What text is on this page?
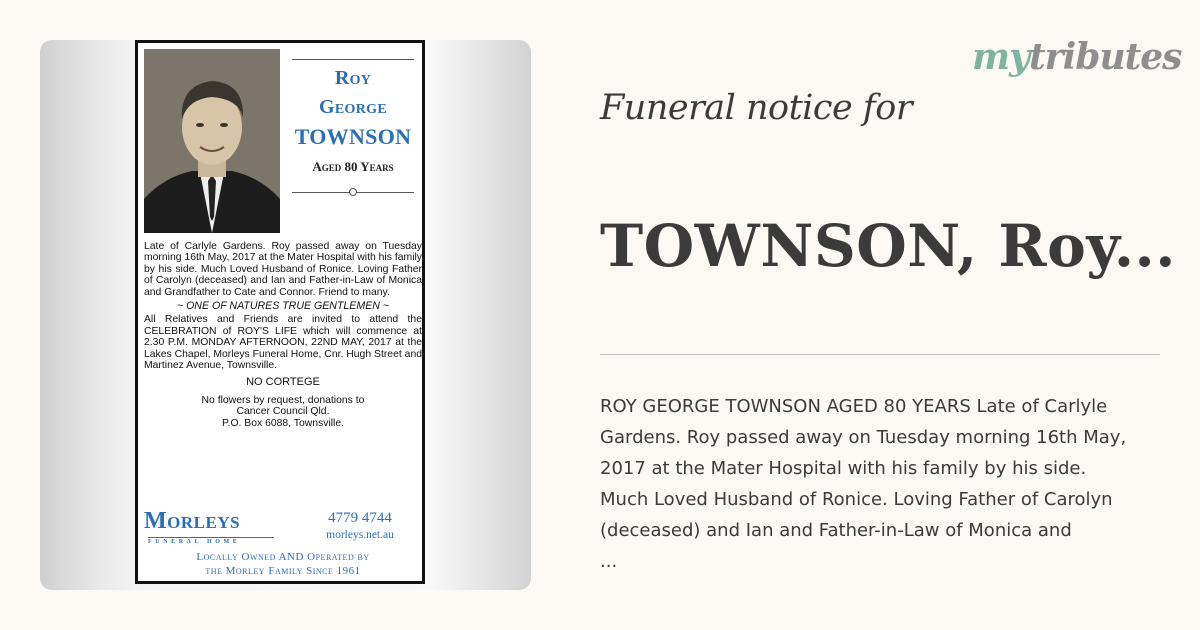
Roy
George
TOWNSON
Aged 80 Years

Late of Carlyle Gardens. Roy passed away on Tuesday morning 16th May, 2017 at the Mater Hospital with his family by his side. Much Loved Husband of Ronice. Loving Father of Carolyn (deceased) and Ian and Father-in-Law of Monica and Grandfather to Cate and Connor. Friend to many.

~ ONE OF NATURES TRUE GENTLEMEN ~

All Relatives and Friends are invited to attend the CELEBRATION of ROY'S LIFE which will commence at 2.30 P.M. MONDAY AFTERNOON, 22ND MAY, 2017 at the Lakes Chapel, Morleys Funeral Home, Cnr. Hugh Street and Martinez Avenue, Townsville.

NO CORTEGE

No flowers by request, donations to

Cancer Council Qld.

P.O. Box 6088, Townsville.

Morleys
FUNERAL HOME
4779 4744
morleys.net.au
Locally Owned AND Operated by
the Morley Family Since 1961
mytributes
Funeral notice for
TOWNSON, Roy...
ROY GEORGE TOWNSON AGED 80 YEARS Late of Carlyle
Gardens. Roy passed away on Tuesday morning 16th May,
2017 at the Mater Hospital with his family by his side.
Much Loved Husband of Ronice. Loving Father of Carolyn
(deceased) and Ian and Father-in-Law of Monica and
...
